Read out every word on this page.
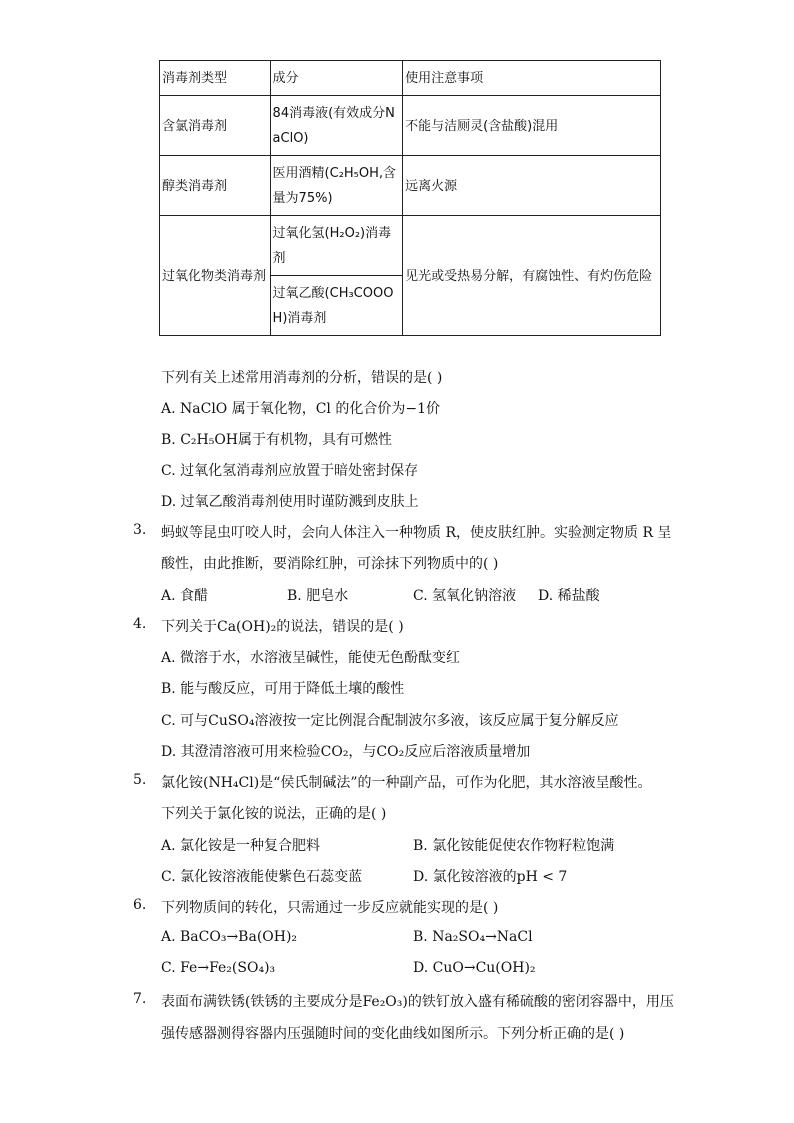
消毒剂类型	成分	使用注意事项
含氯消毒剂	84消毒液(有效成分NaClO)	不能与洁厕灵(含盐酸)混用
醇类消毒剂	医用酒精(C₂H₅OH,含量为75%)	远离火源
过氧化物类消毒剂	过氧化氢(H₂O₂)消毒剂	见光或受热易分解，有腐蚀性、有灼伤危险
	过氧乙酸(CH₃COOOH)消毒剂	
下列有关上述常用消毒剂的分析，错误的是( )
A. NaClO 属于氧化物，Cl 的化合价为−1价
B. C₂H₅OH属于有机物，具有可燃性
C. 过氧化氢消毒剂应放置于暗处密封保存
D. 过氧乙酸消毒剂使用时谨防溅到皮肤上
3. 蚂蚁等昆虫叮咬人时，会向人体注入一种物质 R，使皮肤红肿。实验测定物质 R 呈
酸性，由此推断，要消除红肿，可涂抹下列物质中的( )
A. 食醋	B. 肥皂水	C. 氢氧化钠溶液 D. 稀盐酸
4. 下列关于Ca(OH)₂的说法，错误的是( )
A. 微溶于水，水溶液呈碱性，能使无色酚酞变红
B. 能与酸反应，可用于降低土壤的酸性
C. 可与CuSO₄溶液按一定比例混合配制波尔多液，该反应属于复分解反应
D. 其澄清溶液可用来检验CO₂，与CO₂反应后溶液质量增加
5. 氯化铵(NH₄Cl)是“侯氏制碱法”的一种副产品，可作为化肥，其水溶液呈酸性。
下列关于氯化铵的说法，正确的是( )
A. 氯化铵是一种复合肥料	B. 氯化铵能促使农作物籽粒饱满
C. 氯化铵溶液能使紫色石蕊变蓝	D. 氯化铵溶液的pH < 7
6. 下列物质间的转化，只需通过一步反应就能实现的是( )
A. BaCO₃→Ba(OH)₂	B. Na₂SO₄→NaCl
C. Fe→Fe₂(SO₄)₃	D. CuO→Cu(OH)₂
7. 表面布满铁锈(铁锈的主要成分是Fe₂O₃)的铁钉放入盛有稀硫酸的密闭容器中，用压
强传感器测得容器内压强随时间的变化曲线如图所示。下列分析正确的是( )
